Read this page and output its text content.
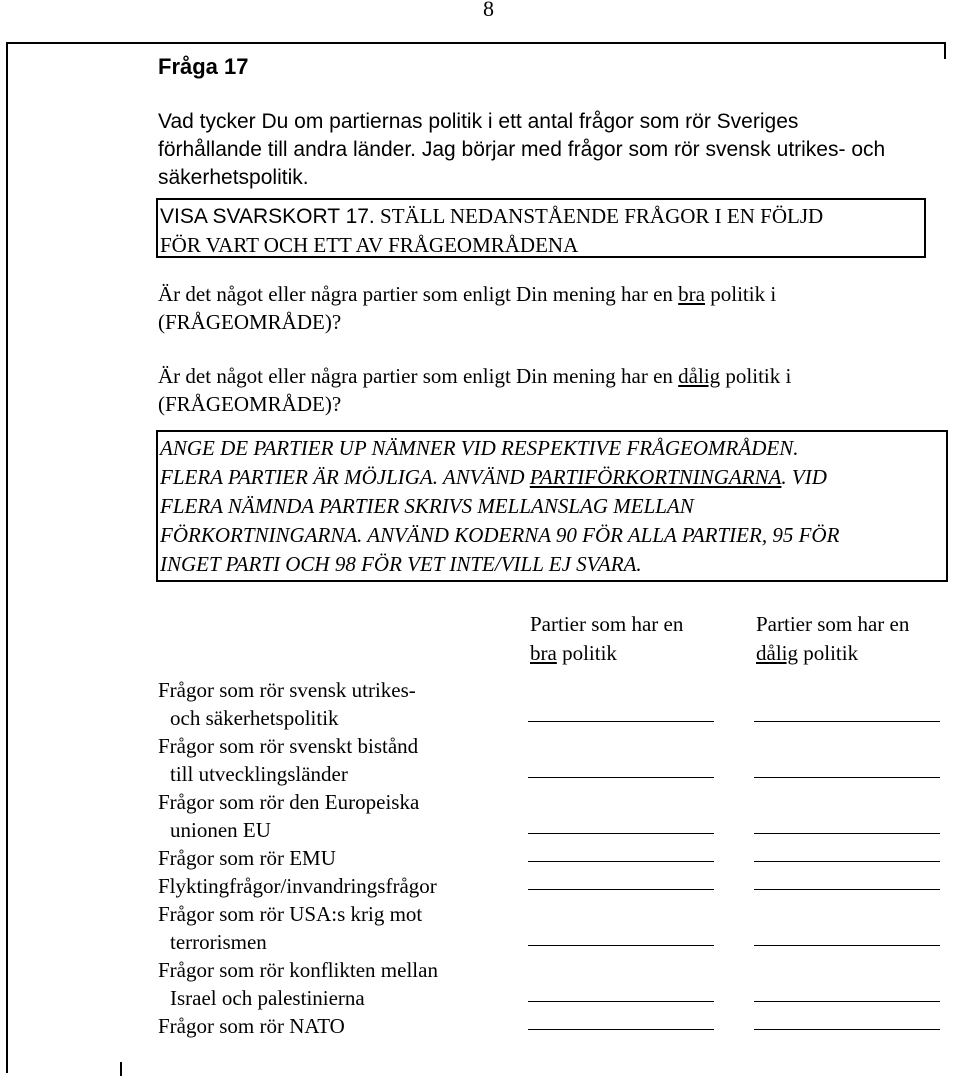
8
Fråga 17
Vad tycker Du om partiernas politik i ett antal frågor som rör Sveriges
förhållande till andra länder. Jag börjar med frågor som rör svensk utrikes- och
säkerhetspolitik.
VISA SVARSKORT 17. STÄLL NEDANSTÅENDE FRÅGOR I EN FÖLJD
FÖR VART OCH ETT AV FRÅGEOMRÅDENA
Är det något eller några partier som enligt Din mening har en bra politik i
(FRÅGEOMRÅDE)?
Är det något eller några partier som enligt Din mening har en dålig politik i
(FRÅGEOMRÅDE)?
ANGE DE PARTIER UP NÄMNER VID RESPEKTIVE FRÅGEOMRÅDEN.
FLERA PARTIER ÄR MÖJLIGA. ANVÄND PARTIFÖRKORTNINGARNA. VID
FLERA NÄMNDA PARTIER SKRIVS MELLANSLAG MELLAN
FÖRKORTNINGARNA. ANVÄND KODERNA 90 FÖR ALLA PARTIER, 95 FÖR
INGET PARTI OCH 98 FÖR VET INTE/VILL EJ SVARA.
Partier som har en
bra politik
Partier som har en
dålig politik
Frågor som rör svensk utrikes-
och säkerhetspolitik
Frågor som rör svenskt bistånd
till utvecklingsländer
Frågor som rör den Europeiska
unionen EU
Frågor som rör EMU
Flyktingfrågor/invandringsfrågor
Frågor som rör USA:s krig mot
terrorismen
Frågor som rör konflikten mellan
Israel och palestinierna
Frågor som rör NATO
